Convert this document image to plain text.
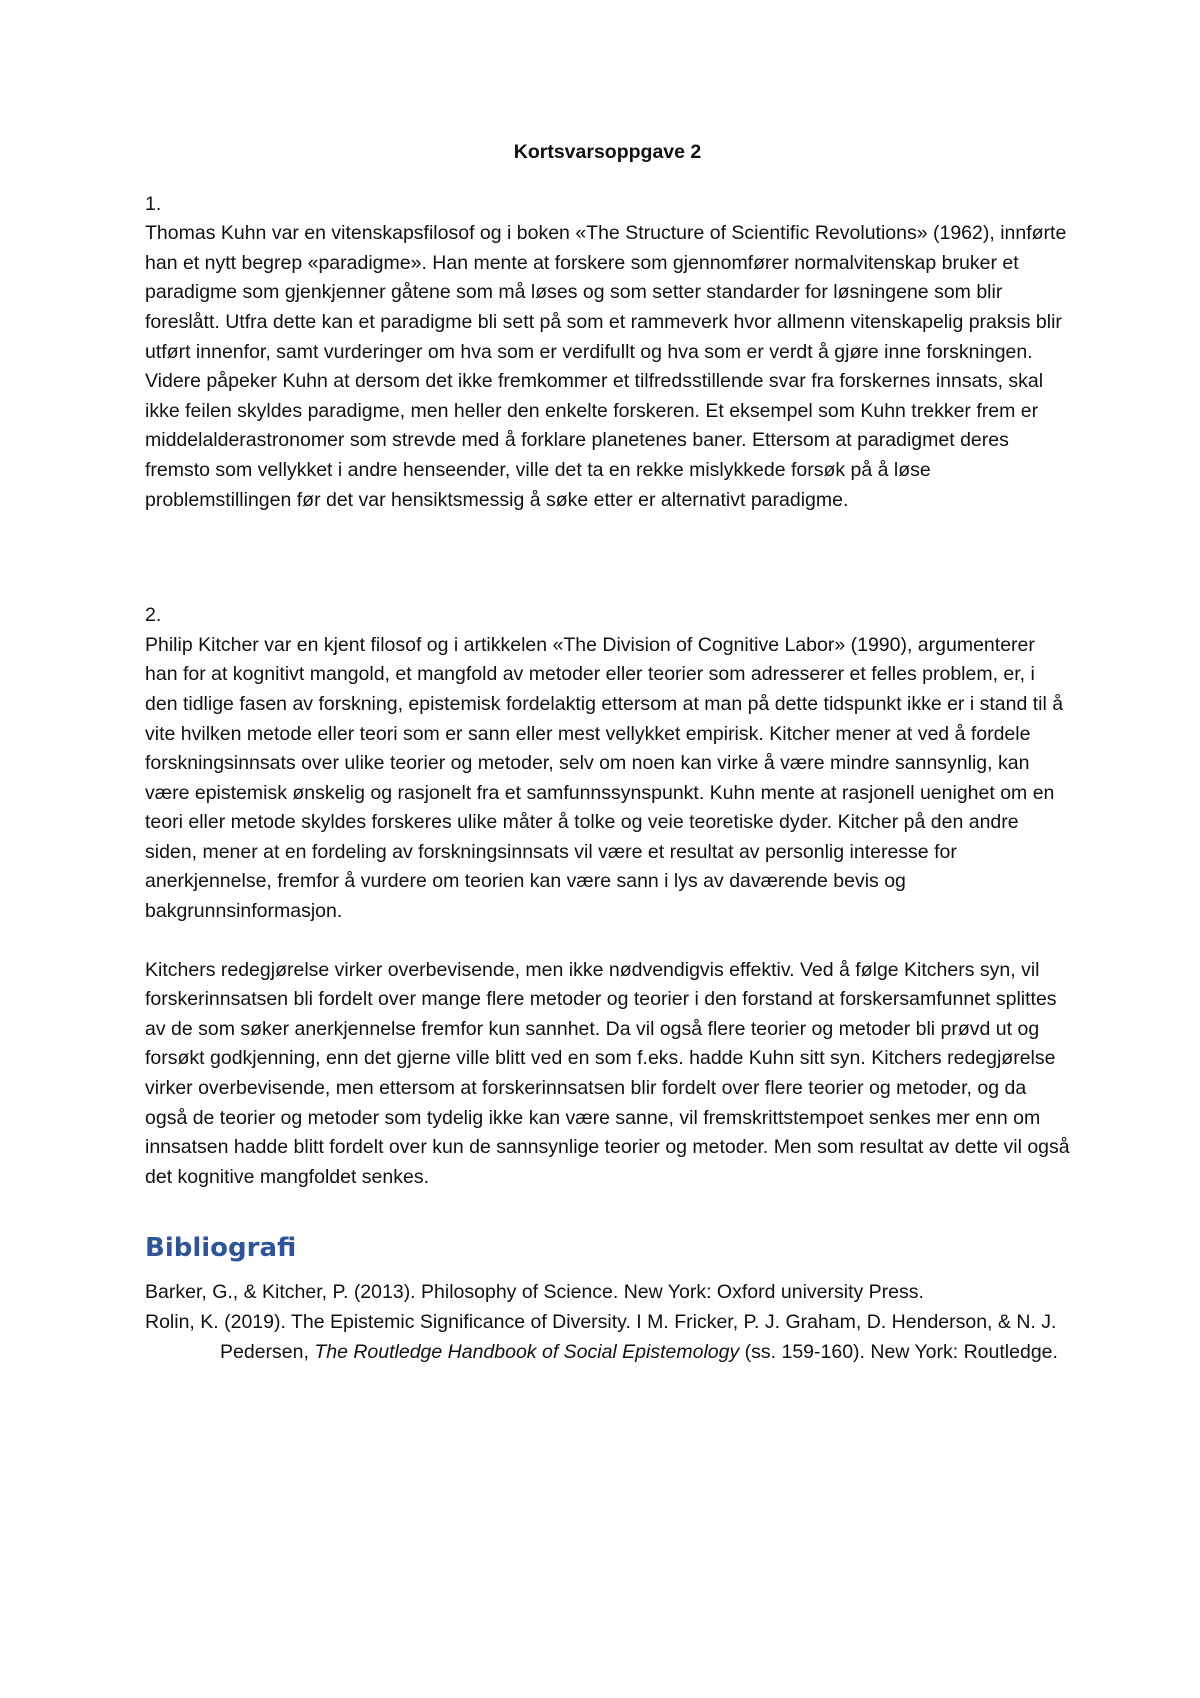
Kortsvarsoppgave 2

1.

Thomas Kuhn var en vitenskapsfilosof og i boken «The Structure of Scientific Revolutions» (1962), innførte han et nytt begrep «paradigme». Han mente at forskere som gjennomfører normalvitenskap bruker et paradigme som gjenkjenner gåtene som må løses og som setter standarder for løsningene som blir foreslått. Utfra dette kan et paradigme bli sett på som et rammeverk hvor allmenn vitenskapelig praksis blir utført innenfor, samt vurderinger om hva som er verdifullt og hva som er verdt å gjøre inne forskningen. Videre påpeker Kuhn at dersom det ikke fremkommer et tilfredsstillende svar fra forskernes innsats, skal ikke feilen skyldes paradigme, men heller den enkelte forskeren. Et eksempel som Kuhn trekker frem er middelalderastronomer som strevde med å forklare planetenes baner. Ettersom at paradigmet deres fremsto som vellykket i andre henseender, ville det ta en rekke mislykkede forsøk på å løse problemstillingen før det var hensiktsmessig å søke etter er alternativt paradigme.

2.

Philip Kitcher var en kjent filosof og i artikkelen «The Division of Cognitive Labor» (1990), argumenterer han for at kognitivt mangold, et mangfold av metoder eller teorier som adresserer et felles problem, er, i den tidlige fasen av forskning, epistemisk fordelaktig ettersom at man på dette tidspunkt ikke er i stand til å vite hvilken metode eller teori som er sann eller mest vellykket empirisk. Kitcher mener at ved å fordele forskningsinnsats over ulike teorier og metoder, selv om noen kan virke å være mindre sannsynlig, kan være epistemisk ønskelig og rasjonelt fra et samfunnssynspunkt. Kuhn mente at rasjonell uenighet om en teori eller metode skyldes forskeres ulike måter å tolke og veie teoretiske dyder. Kitcher på den andre siden, mener at en fordeling av forskningsinnsats vil være et resultat av personlig interesse for anerkjennelse, fremfor å vurdere om teorien kan være sann i lys av daværende bevis og bakgrunnsinformasjon.

Kitchers redegjørelse virker overbevisende, men ikke nødvendigvis effektiv. Ved å følge Kitchers syn, vil forskerinnsatsen bli fordelt over mange flere metoder og teorier i den forstand at forskersamfunnet splittes av de som søker anerkjennelse fremfor kun sannhet. Da vil også flere teorier og metoder bli prøvd ut og forsøkt godkjenning, enn det gjerne ville blitt ved en som f.eks. hadde Kuhn sitt syn. Kitchers redegjørelse virker overbevisende, men ettersom at forskerinnsatsen blir fordelt over flere teorier og metoder, og da også de teorier og metoder som tydelig ikke kan være sanne, vil fremskrittstempoet senkes mer enn om innsatsen hadde blitt fordelt over kun de sannsynlige teorier og metoder. Men som resultat av dette vil også det kognitive mangfoldet senkes.

Bibliografi

Barker, G., & Kitcher, P. (2013). Philosophy of Science. New York: Oxford university Press.

Rolin, K. (2019). The Epistemic Significance of Diversity. I M. Fricker, P. J. Graham, D. Henderson, & N. J. Pedersen, The Routledge Handbook of Social Epistemology (ss. 159-160). New York: Routledge.
